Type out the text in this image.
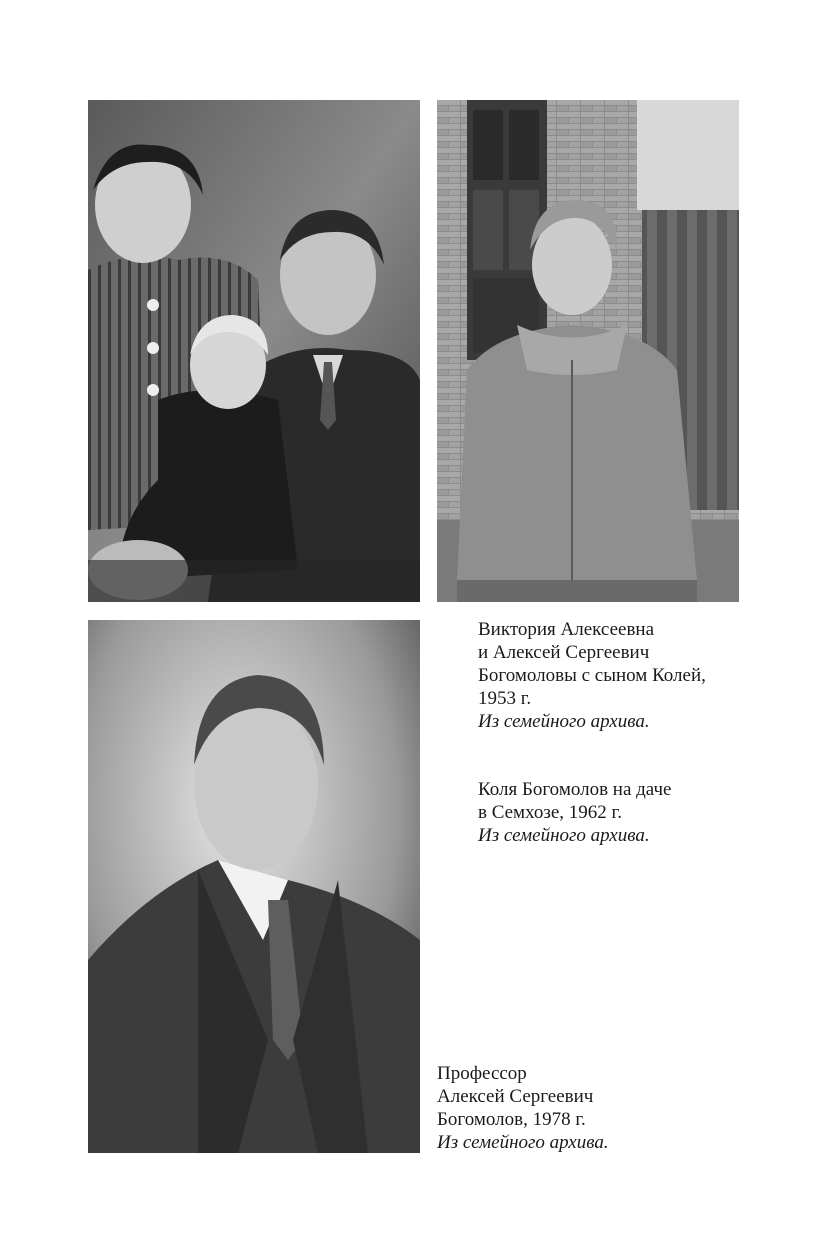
Виктория Алексеевна
и Алексей Сергеевич
Богомоловы с сыном Колей,
1953 г.
Из семейного архива.
Коля Богомолов на даче
в Семхозе, 1962 г.
Из семейного архива.
Профессор
Алексей Сергеевич
Богомолов, 1978 г.
Из семейного архива.
